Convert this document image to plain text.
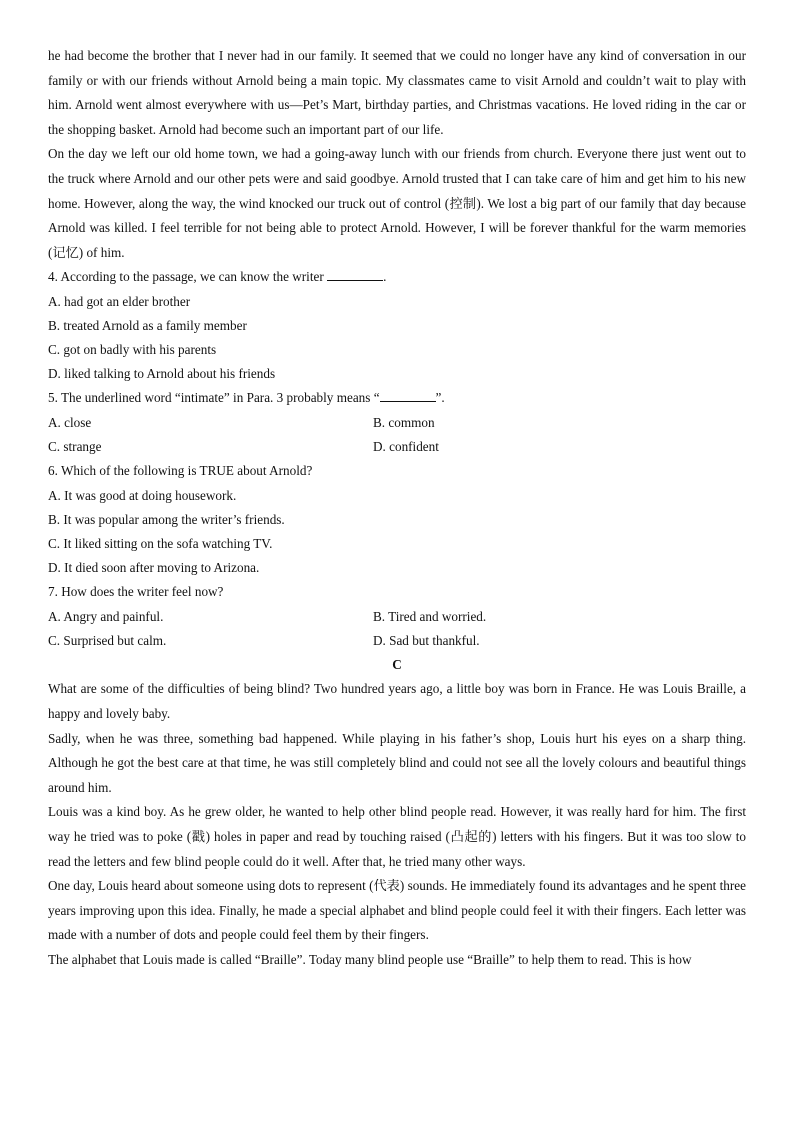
he had become the brother that I never had in our family. It seemed that we could no longer have any kind of conversation in our family or with our friends without Arnold being a main topic. My classmates came to visit Arnold and couldn’t wait to play with him. Arnold went almost everywhere with us—Pet’s Mart, birthday parties, and Christmas vacations. He loved riding in the car or the shopping basket. Arnold had become such an important part of our life.

On the day we left our old home town, we had a going-away lunch with our friends from church. Everyone there just went out to the truck where Arnold and our other pets were and said goodbye. Arnold trusted that I can take care of him and get him to his new home. However, along the way, the wind knocked our truck out of control (控制). We lost a big part of our family that day because Arnold was killed. I feel terrible for not being able to protect Arnold. However, I will be forever thankful for the warm memories (记忆) of him.

4. According to the passage, we can know the writer	.

A. had got an elder brother

B. treated Arnold as a family member

C. got on badly with his parents

D. liked talking to Arnold about his friends

5. The underlined word “intimate” in Para. 3 probably means “	”.

A. close	B. common
C. strange	D. confident

6. Which of the following is TRUE about Arnold?

A. It was good at doing housework.

B. It was popular among the writer’s friends.

C. It liked sitting on the sofa watching TV.

D. It died soon after moving to Arizona.

7. How does the writer feel now?

A. Angry and painful.	B. Tired and worried.
C. Surprised but calm.	D. Sad but thankful.

C

What are some of the difficulties of being blind? Two hundred years ago, a little boy was born in France. He was Louis Braille, a happy and lovely baby.

Sadly, when he was three, something bad happened. While playing in his father’s shop, Louis hurt his eyes on a sharp thing. Although he got the best care at that time, he was still completely blind and could not see all the lovely colours and beautiful things around him.

Louis was a kind boy. As he grew older, he wanted to help other blind people read. However, it was really hard for him. The first way he tried was to poke (戳) holes in paper and read by touching raised (凸起的) letters with his fingers. But it was too slow to read the letters and few blind people could do it well. After that, he tried many other ways.

One day, Louis heard about someone using dots to represent (代表) sounds. He immediately found its advantages and he spent three years improving upon this idea. Finally, he made a special alphabet and blind people could feel it with their fingers. Each letter was made with a number of dots and people could feel them by their fingers.

The alphabet that Louis made is called “Braille”. Today many blind people use “Braille” to help them to read. This is how
